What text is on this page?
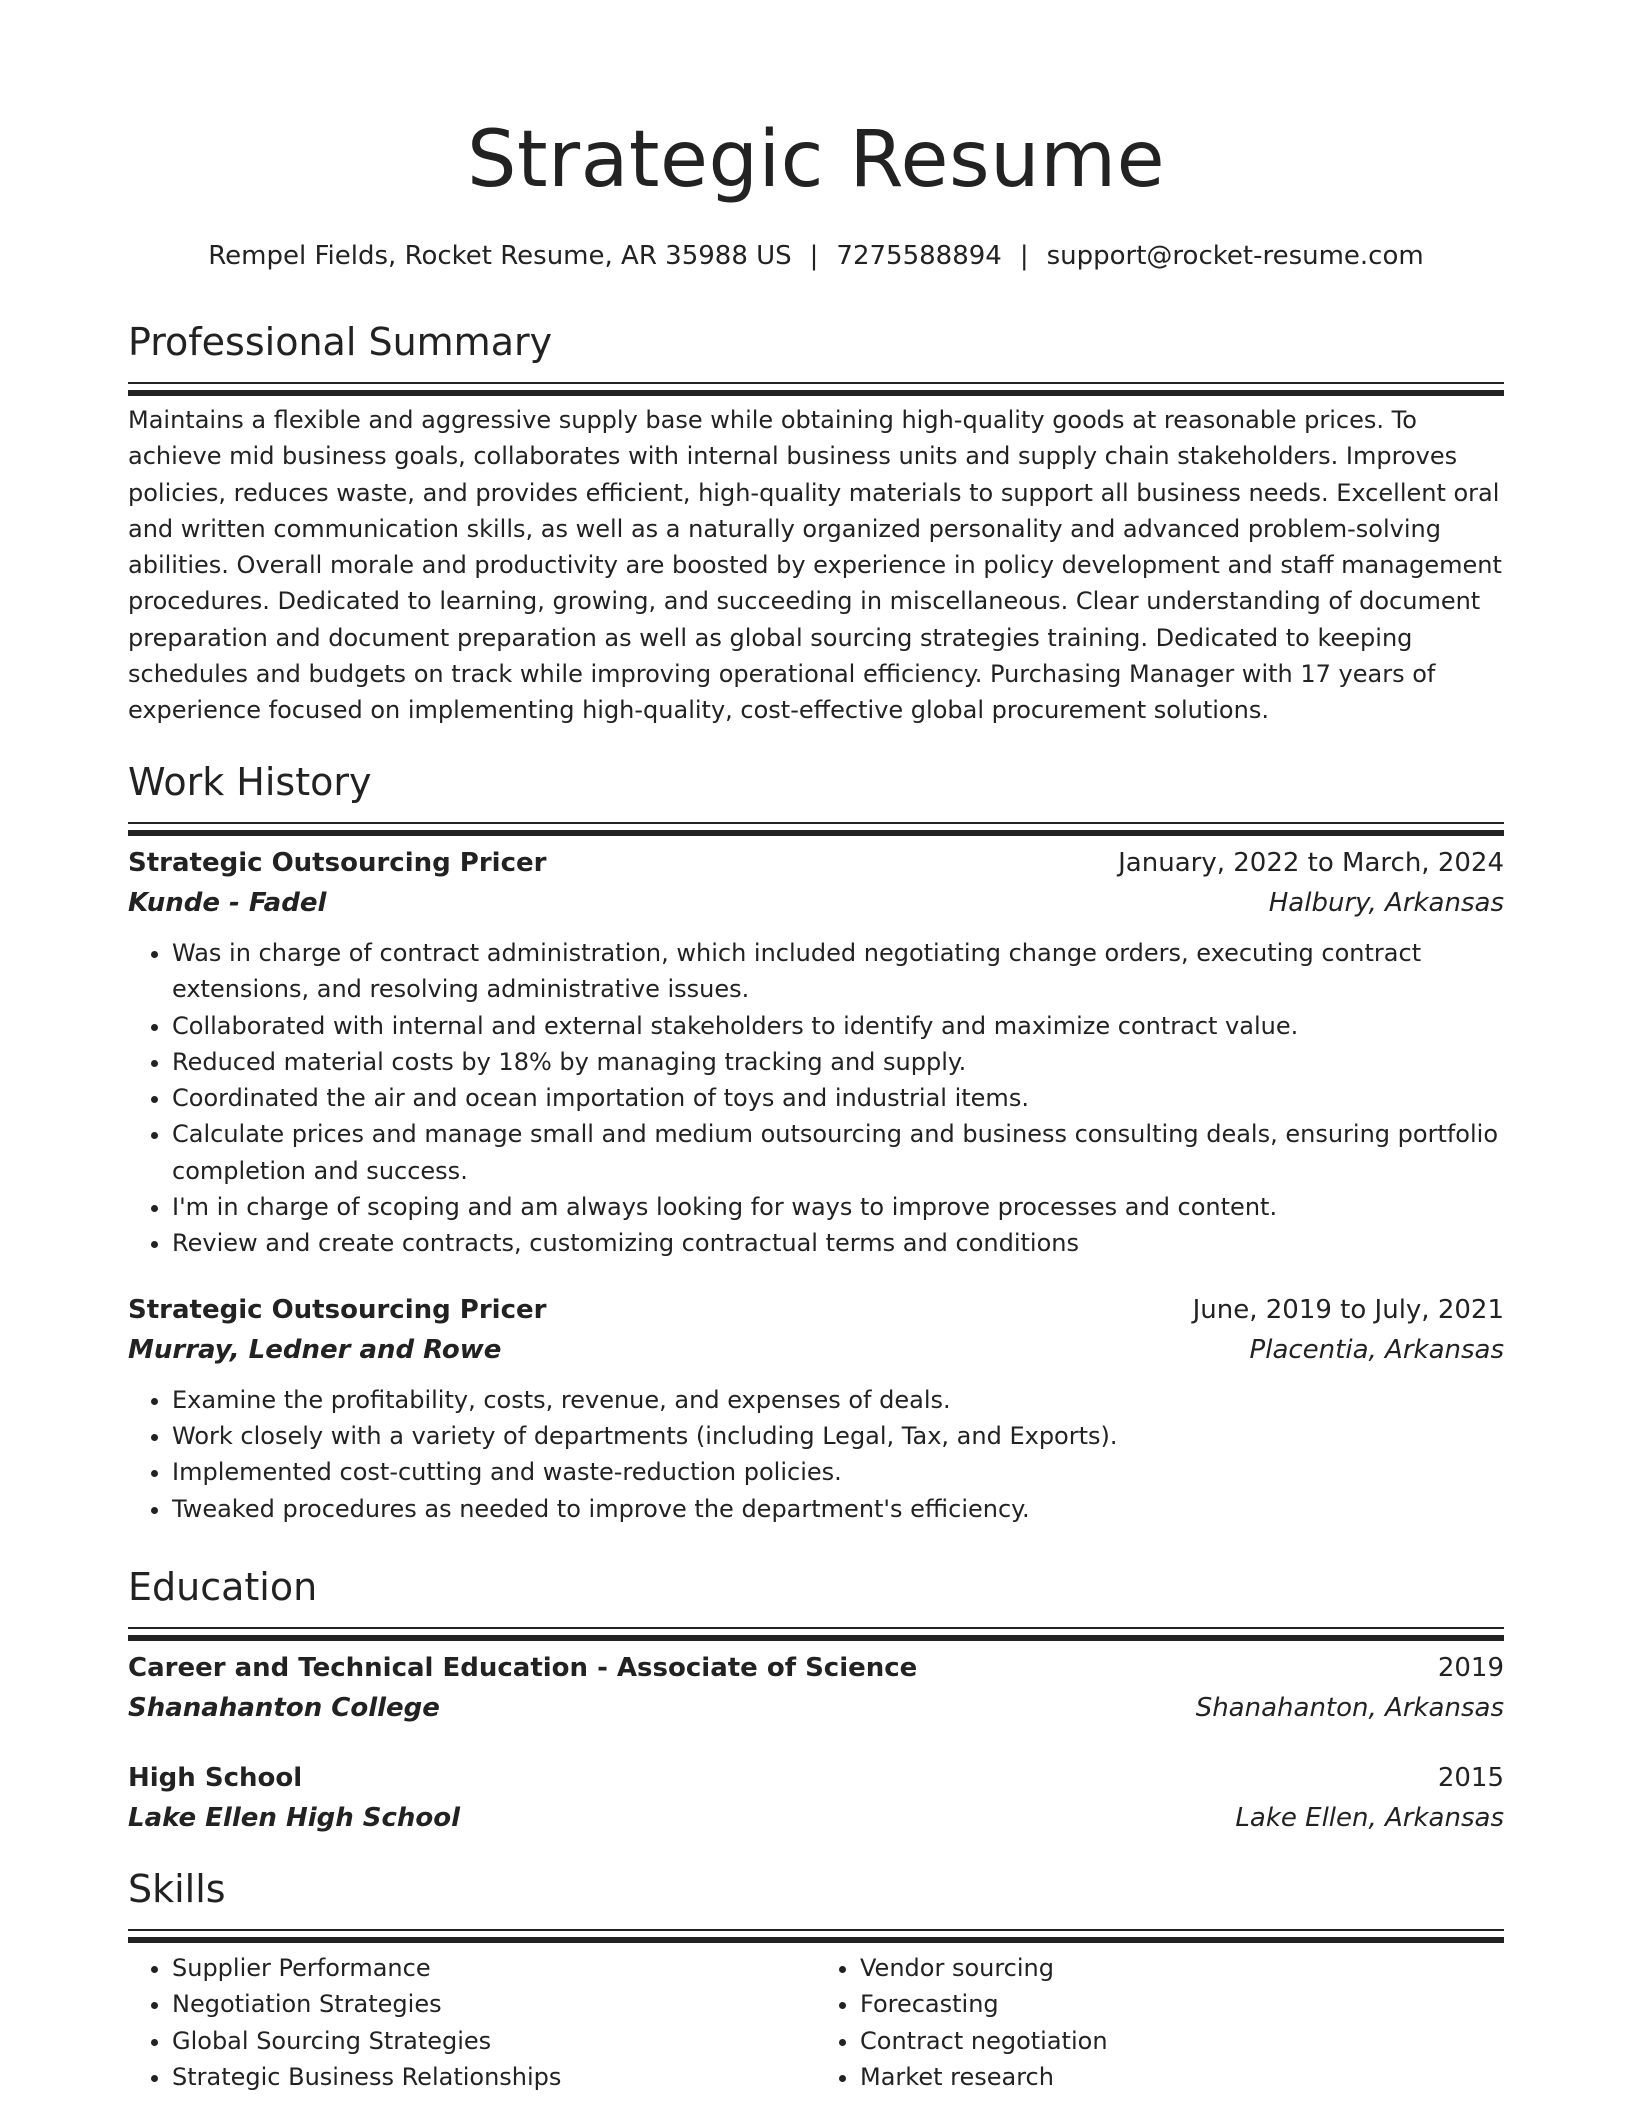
Strategic Resume
Rempel Fields, Rocket Resume, AR 35988 US | 7275588894 | support@rocket-resume.com
Professional Summary

Maintains a flexible and aggressive supply base while obtaining high-quality goods at reasonable prices. To achieve mid business goals, collaborates with internal business units and supply chain stakeholders. Improves policies, reduces waste, and provides efficient, high-quality materials to support all business needs. Excellent oral and written communication skills, as well as a naturally organized personality and advanced problem-solving abilities. Overall morale and productivity are boosted by experience in policy development and staff management procedures. Dedicated to learning, growing, and succeeding in miscellaneous. Clear understanding of document preparation and document preparation as well as global sourcing strategies training. Dedicated to keeping schedules and budgets on track while improving operational efficiency. Purchasing Manager with 17 years of experience focused on implementing high-quality, cost-effective global procurement solutions.

Work History
Strategic Outsourcing Pricer	January, 2022 to March, 2024
Kunde - Fadel	Halbury, Arkansas
• Was in charge of contract administration, which included negotiating change orders, executing contract extensions, and resolving administrative issues.
• Collaborated with internal and external stakeholders to identify and maximize contract value.
• Reduced material costs by 18% by managing tracking and supply.
• Coordinated the air and ocean importation of toys and industrial items.
• Calculate prices and manage small and medium outsourcing and business consulting deals, ensuring portfolio completion and success.
• I'm in charge of scoping and am always looking for ways to improve processes and content.
• Review and create contracts, customizing contractual terms and conditions
Strategic Outsourcing Pricer	June, 2019 to July, 2021
Murray, Ledner and Rowe	Placentia, Arkansas
• Examine the profitability, costs, revenue, and expenses of deals.
• Work closely with a variety of departments (including Legal, Tax, and Exports).
• Implemented cost-cutting and waste-reduction policies.
• Tweaked procedures as needed to improve the department's efficiency.
Education
Career and Technical Education - Associate of Science	2019
Shanahanton College	Shanahanton, Arkansas
High School	2015
Lake Ellen High School	Lake Ellen, Arkansas
Skills
• Supplier Performance
• Negotiation Strategies
• Global Sourcing Strategies
• Strategic Business Relationships
• Vendor sourcing
• Forecasting
• Contract negotiation
• Market research
